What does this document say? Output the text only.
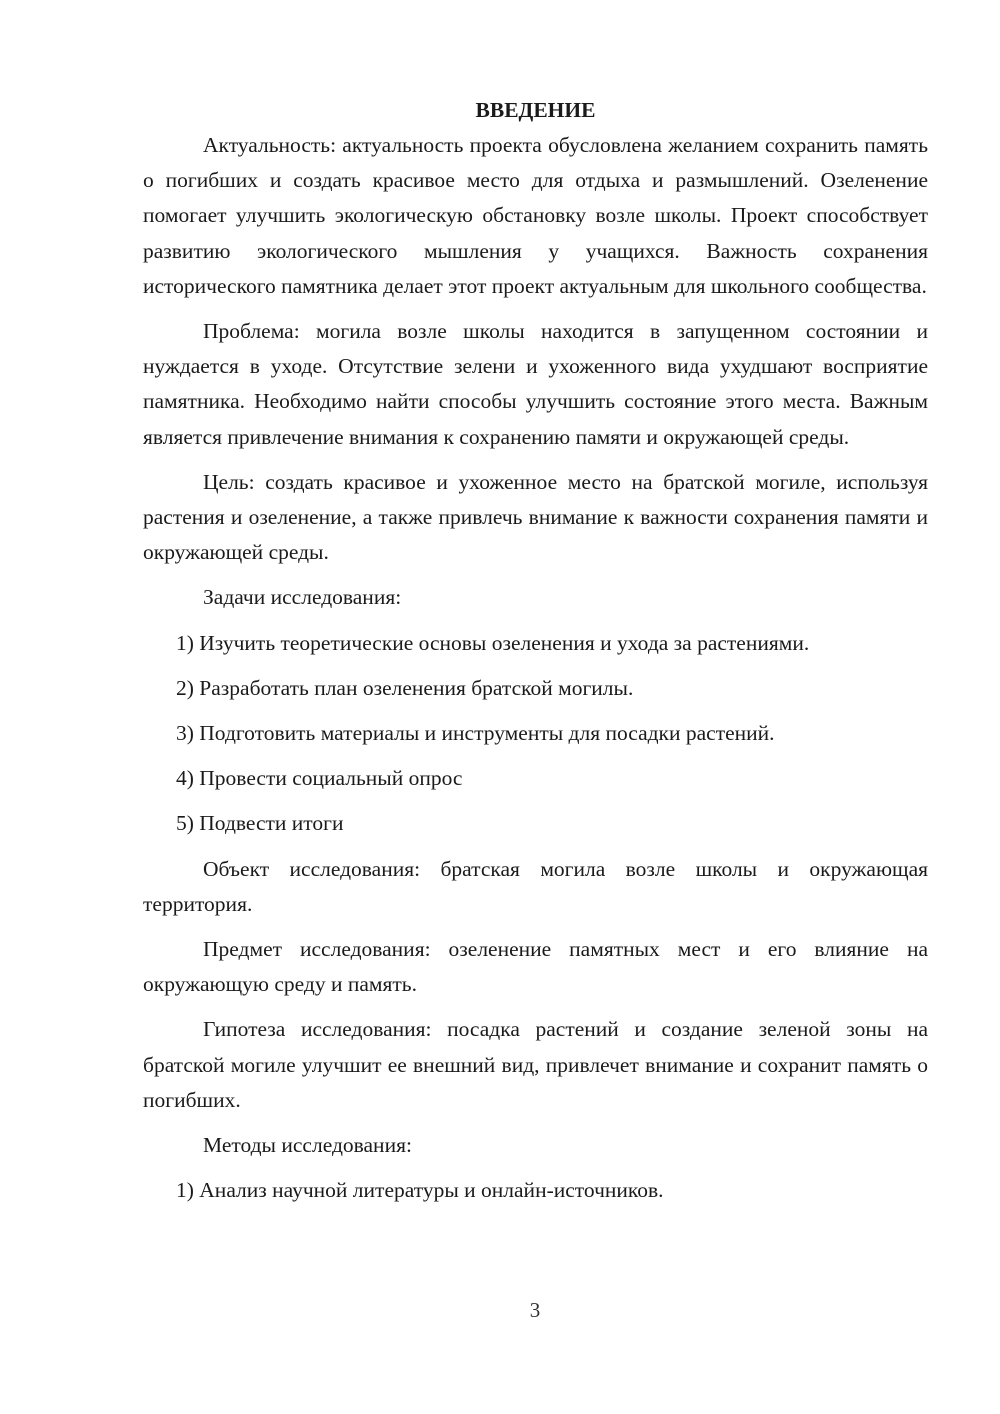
ВВЕДЕНИЕ

Актуальность: актуальность проекта обусловлена желанием сохранить память о погибших и создать красивое место для отдыха и размышлений. Озеленение помогает улучшить экологическую обстановку возле школы. Проект способствует развитию экологического мышления у учащихся. Важность сохранения исторического памятника делает этот проект актуальным для школьного сообщества.

Проблема: могила возле школы находится в запущенном состоянии и нуждается в уходе. Отсутствие зелени и ухоженного вида ухудшают восприятие памятника. Необходимо найти способы улучшить состояние этого места. Важным является привлечение внимания к сохранению памяти и окружающей среды.

Цель: создать красивое и ухоженное место на братской могиле, используя растения и озеленение, а также привлечь внимание к важности сохранения памяти и окружающей среды.

Задачи исследования:

1) Изучить теоретические основы озеленения и ухода за растениями.

2) Разработать план озеленения братской могилы.

3) Подготовить материалы и инструменты для посадки растений.

4) Провести социальный опрос

5) Подвести итоги

Объект исследования: братская могила возле школы и окружающая территория.

Предмет исследования: озеленение памятных мест и его влияние на окружающую среду и память.

Гипотеза исследования: посадка растений и создание зеленой зоны на братской могиле улучшит ее внешний вид, привлечет внимание и сохранит память о погибших.

Методы исследования:

1) Анализ научной литературы и онлайн-источников.

3
